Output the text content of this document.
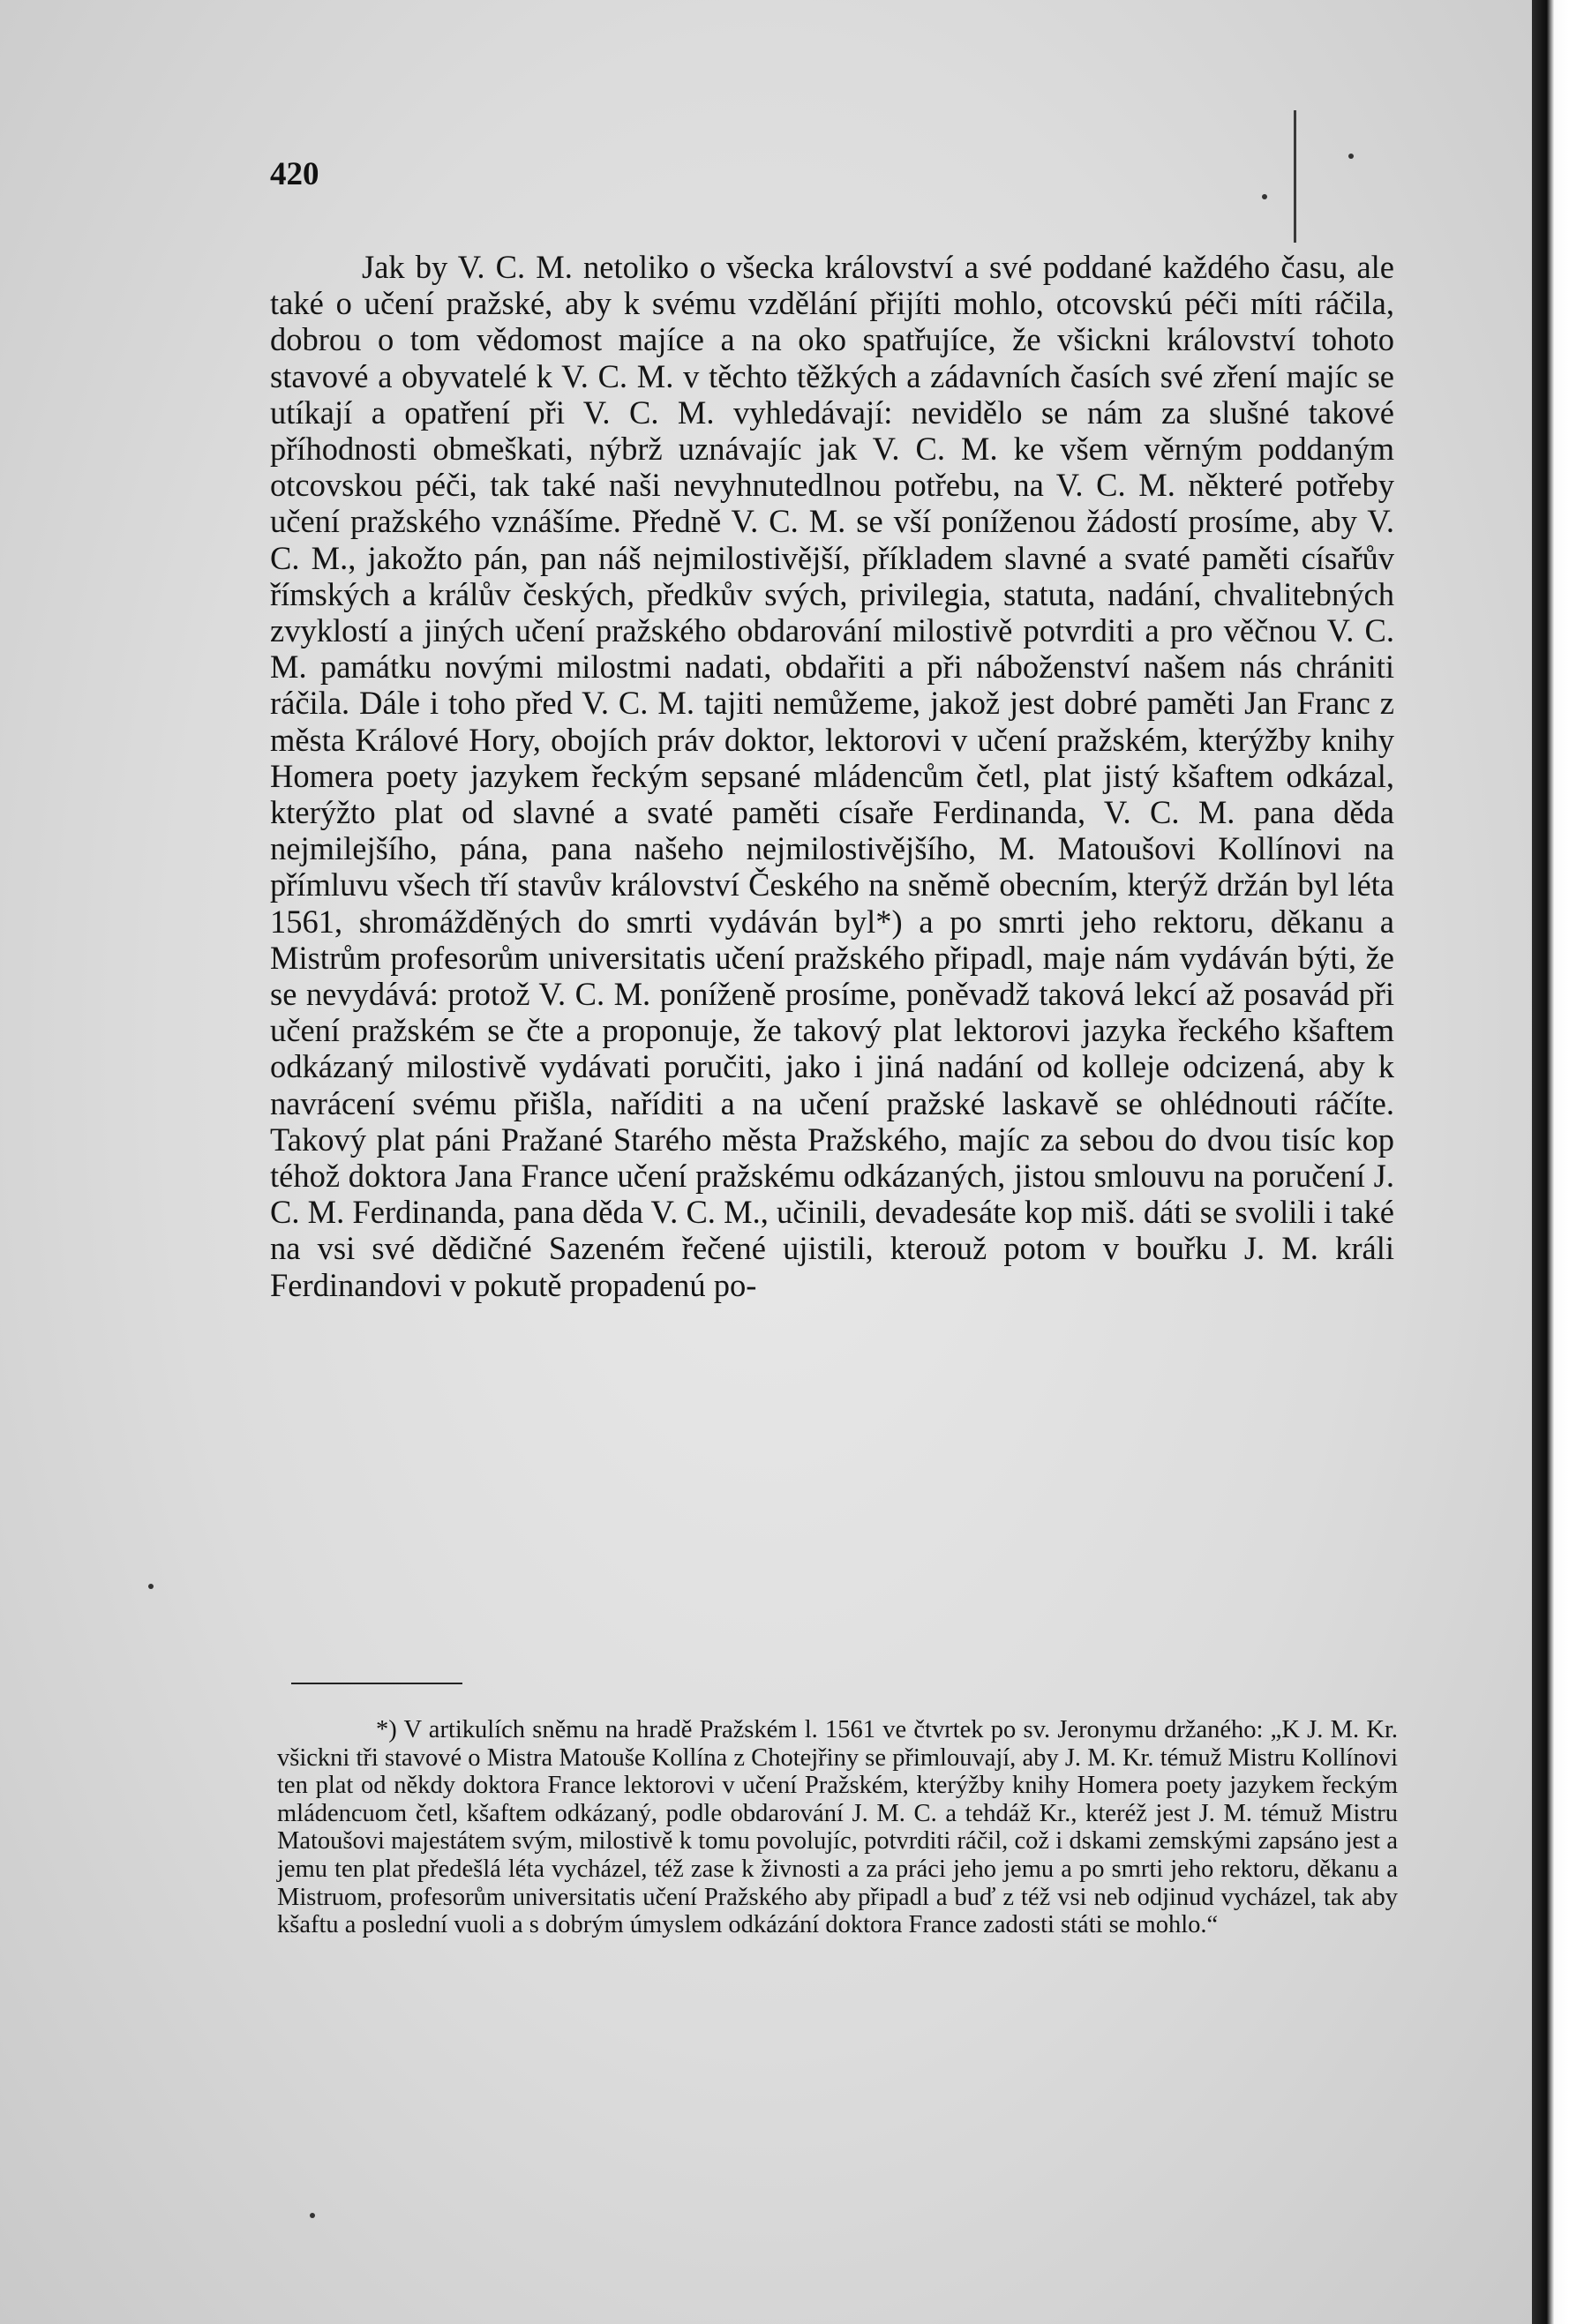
420

Jak by V. C. M. netoliko o všecka království a své poddané každého času, ale také o učení pražské, aby k svému vzdělání přijíti mohlo, otcovskú péči míti ráčila, dobrou o tom vědomost majíce a na oko spatřujíce, že všickni království tohoto stavové a obyvatelé k V. C. M. v těchto těžkých a zádavních časích své zření majíc se utíkají a opatření při V. C. M. vyhledávají: nevidělo se nám za slušné takové příhodnosti obmeškati, nýbrž uznávajíc jak V. C. M. ke všem věrným poddaným otcovskou péči, tak také naši nevyhnutedlnou potřebu, na V. C. M. některé potřeby učení pražského vznášíme. Předně V. C. M. se vší poníženou žádostí prosíme, aby V. C. M., jakožto pán, pan náš nejmilostivější, příkladem slavné a svaté paměti císařův římských a králův českých, předkův svých, privilegia, statuta, nadání, chvalitebných zvyklostí a jiných učení pražského obdarování milostivě potvrditi a pro věčnou V. C. M. památku novými milostmi nadati, obdařiti a při náboženství našem nás chrániti ráčila. Dále i toho před V. C. M. tajiti nemůžeme, jakož jest dobré paměti Jan Franc z města Králové Hory, obojích práv doktor, lektorovi v učení pražském, kterýžby knihy Homera poety jazykem řeckým sepsané mládencům četl, plat jistý kšaftem odkázal, kterýžto plat od slavné a svaté paměti císaře Ferdinanda, V. C. M. pana děda nejmilejšího, pána, pana našeho nejmilostivějšího, M. Matoušovi Kollínovi na přímluvu všech tří stavův království Českého na sněmě obecním, kterýž držán byl léta 1561, shromážděných do smrti vydáván byl*) a po smrti jeho rektoru, děkanu a Mistrům profesorům universitatis učení pražského připadl, maje nám vydáván býti, že se nevydává: protož V. C. M. poníženě prosíme, poněvadž taková lekcí až posavád při učení pražském se čte a proponuje, že takový plat lektorovi jazyka řeckého kšaftem odkázaný milostivě vydávati poručiti, jako i jiná nadání od kolleje odcizená, aby k navrácení svému přišla, naříditi a na učení pražské laskavě se ohlédnouti ráčíte. Takový plat páni Pražané Starého města Pražského, majíc za sebou do dvou tisíc kop téhož doktora Jana France učení pražskému odkázaných, jistou smlouvu na poručení J. C. M. Ferdinanda, pana děda V. C. M., učinili, devadesáte kop miš. dáti se svolili i také na vsi své dědičné Sazeném řečené ujistili, kterouž potom v bouřku J. M. králi Ferdinandovi v pokutě propadenú po-

*) V artikulích sněmu na hradě Pražském l. 1561 ve čtvrtek po sv. Jeronymu držaného: „K J. M. Kr. všickni tři stavové o Mistra Matouše Kollína z Chotejřiny se přimlouvají, aby J. M. Kr. témuž Mistru Kollínovi ten plat od někdy doktora France lektorovi v učení Pražském, kterýžby knihy Homera poety jazykem řeckým mládencuom četl, kšaftem odkázaný, podle obdarování J. M. C. a tehdáž Kr., kteréž jest J. M. témuž Mistru Matoušovi majestátem svým, milostivě k tomu povolujíc, potvrditi ráčil, což i dskami zemskými zapsáno jest a jemu ten plat předešlá léta vycházel, též zase k živnosti a za práci jeho jemu a po smrti jeho rektoru, děkanu a Mistruom, profesorům universitatis učení Pražského aby připadl a buď z též vsi neb odjinud vycházel, tak aby kšaftu a poslední vuoli a s dobrým úmyslem odkázání doktora France zadosti státi se mohlo.“
